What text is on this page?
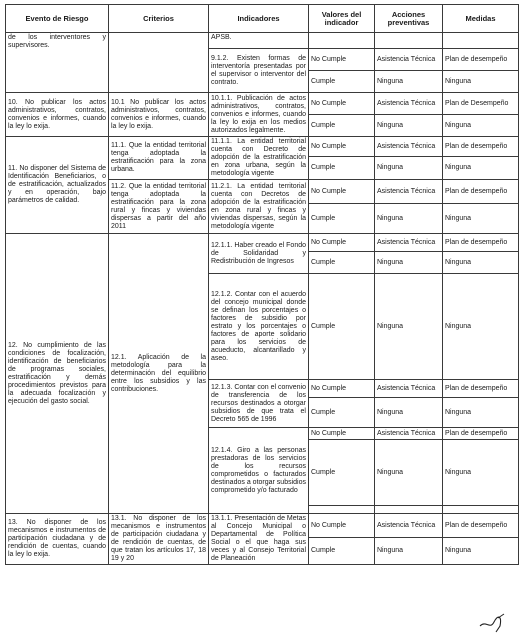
Evento de Riesgo	Criterios	Indicadores	Valores del indicador	Acciones preventivas	Medidas
de los interventores y supervisores.		APSB.			
		9.1.2. Existen formas de interventoría presentadas por el supervisor o interventor del contrato.	No Cumple	Asistencia Técnica	Plan de desempeño
			Cumple	Ninguna	Ninguna
10. No publicar los actos administrativos, contratos, convenios e informes, cuando la ley lo exija.	10.1 No publicar los actos administrativos, contratos, convenios e informes, cuando la ley lo exija.	10.1.1. Publicación de actos administrativos, contratos, convenios e informes, cuando la ley lo exija en los medios autorizados legalmente.	No Cumple	Asistencia Técnica	Plan de Desempeño
			Cumple	Ninguna	Ninguna
11. No disponer del Sistema de Identificación Beneficiarios, o de estratificación, actualizados y en operación, bajo parámetros de calidad.	11.1. Que la entidad territorial tenga adoptada la estratificación para la zona urbana.	11.1.1. La entidad territorial cuenta con Decreto de adopción de la estratificación en zona urbana, según la metodología vigente	No Cumple	Asistencia Técnica	Plan de desempeño
			Cumple	Ninguna	Ninguna
	11.2. Que la entidad territorial tenga adoptada la estratificación para la zona rural y fincas y viviendas dispersas a partir del año 2011	11.2.1. La entidad territorial cuenta con Decretos de adopción de la estratificación en zona rural y fincas y viviendas dispersas, según la metodología vigente	No Cumple	Asistencia Técnica	Plan de desempeño
			Cumple	Ninguna	Ninguna
12. No cumplimiento de las condiciones de focalización, identificación de beneficiarios de programas sociales, estratificación y demás procedimientos previstos para la adecuada focalización y ejecución del gasto social.	12.1. Aplicación de la metodología para la determinación del equilibrio entre los subsidios y las contribuciones.	12.1.1. Haber creado el Fondo de Solidaridad y Redistribución de Ingresos	No Cumple	Asistencia Técnica	Plan de desempeño
			Cumple	Ninguna	Ninguna
		12.1.2. Contar con el acuerdo del concejo municipal donde se definan los porcentajes o factores de subsidio por estrato y los porcentajes o factores de aporte solidario para los servicios de acueducto, alcantarillado y aseo.	Cumple	Ninguna	Ninguna
		12.1.3. Contar con el convenio de transferencia de los recursos destinados a otorgar subsidios de que trata el Decreto 565 de 1996	No Cumple	Asistencia Técnica	Plan de desempeño
			Cumple	Ninguna	Ninguna
		12.1.4. Giro a las personas prestadoras de los servicios de los recursos comprometidos o facturados destinados a otorgar subsidios comprometido y/o facturado	No Cumple	Asistencia Técnica	Plan de desempeño
			Cumple	Ninguna	Ninguna

13. No disponer de los mecanismos e instrumentos de participación ciudadana y de rendición de cuentas, cuando la ley lo exija.	13.1. No disponer de los mecanismos e instrumentos de participación ciudadana y de rendición de cuentas, de que tratan los artículos 17, 18 19 y 20	13.1.1. Presentación de Metas al Concejo Municipal o Departamental de Política Social o el que haga sus veces y al Consejo Territorial de Planeación	No Cumple	Asistencia Técnica	Plan de desempeño
			Cumple	Ninguna	Ninguna
